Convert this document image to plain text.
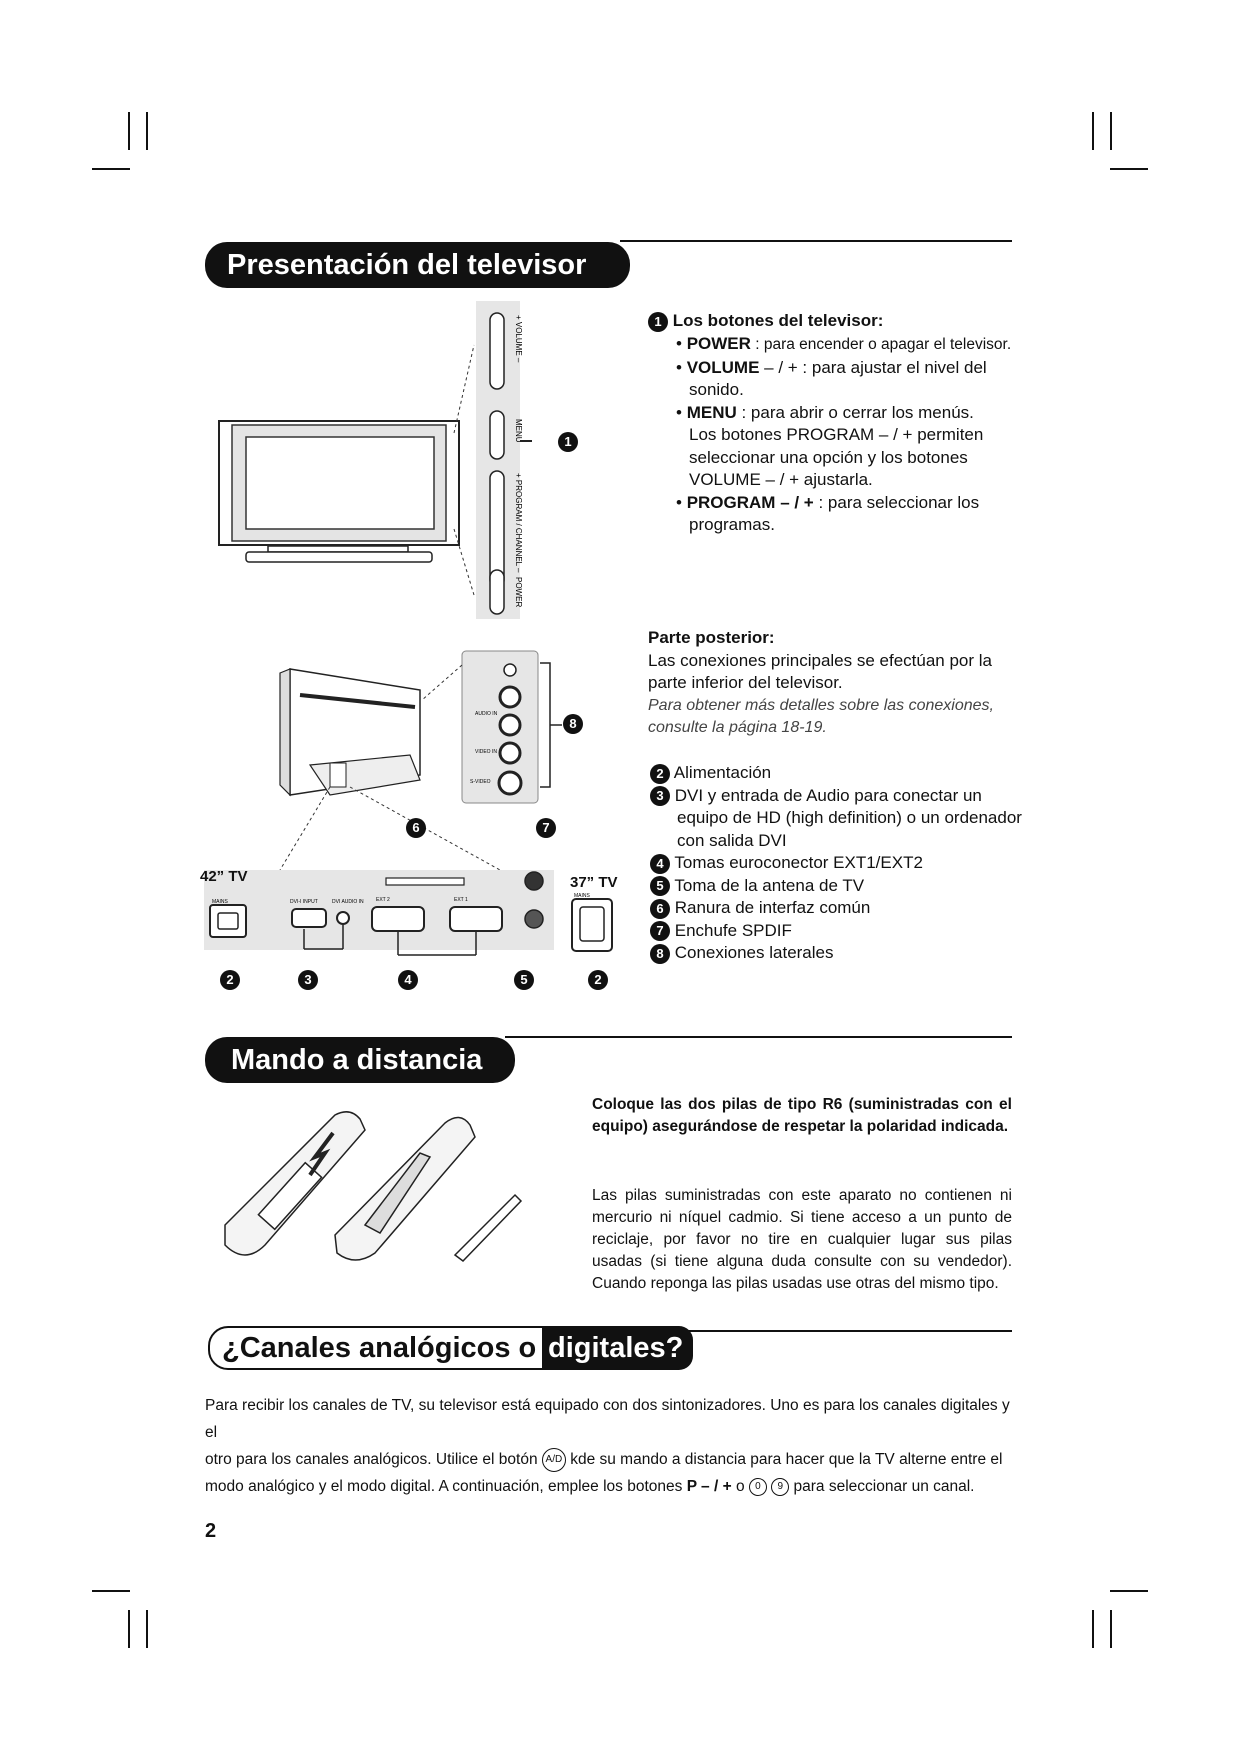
Presentación del televisor
+ VOLUME –
MENU
+ PROGRAM / CHANNEL –
POWER
1
1 Los botones del televisor:
• POWER : para encender o apagar el televisor.
• VOLUME – / + : para ajustar el nivel del
sonido.
• MENU : para abrir o cerrar los menús.
Los botones PROGRAM – / + permiten
seleccionar una opción y los botones
VOLUME – / + ajustarla.
• PROGRAM – / + : para seleccionar los
programas.
AUDIO IN
VIDEO IN
S-VIDEO
MAINS	DVI-I INPUT	DVI AUDIO IN EXT 2	EXT 1
MAINS
8
6	7
2	3	4	5	2
42” TV	37” TV
Parte posterior:
Las conexiones principales se efectúan por la
parte inferior del televisor.
Para obtener más detalles sobre las conexiones,
consulte la página 18-19.
2 Alimentación
3 DVI y entrada de Audio para conectar un
equipo de HD (high definition) o un ordenador
con salida DVI
4 Tomas euroconector EXT1/EXT2
5 Toma de la antena de TV
6 Ranura de interfaz común
7 Enchufe SPDIF
8 Conexiones laterales
Mando a distancia
Coloque las dos pilas de tipo R6 (suministradas con el equipo) asegurándose de respetar la polaridad indicada.
Las pilas suministradas con este aparato no contienen ni mercurio ni níquel cadmio. Si tiene acceso a un punto de reciclaje, por favor no tire en cualquier lugar sus pilas usadas (si tiene alguna duda consulte con su vendedor). Cuando reponga las pilas usadas use otras del mismo tipo.
¿Canales analógicos o digitales?
Para recibir los canales de TV, su televisor está equipado con dos sintonizadores. Uno es para los canales digitales y el
otro para los canales analógicos. Utilice el botón A/D kde su mando a distancia para hacer que la TV alterne entre el
modo analógico y el modo digital. A continuación, emplee los botones P – / + o 0 9 para seleccionar un canal.
2
